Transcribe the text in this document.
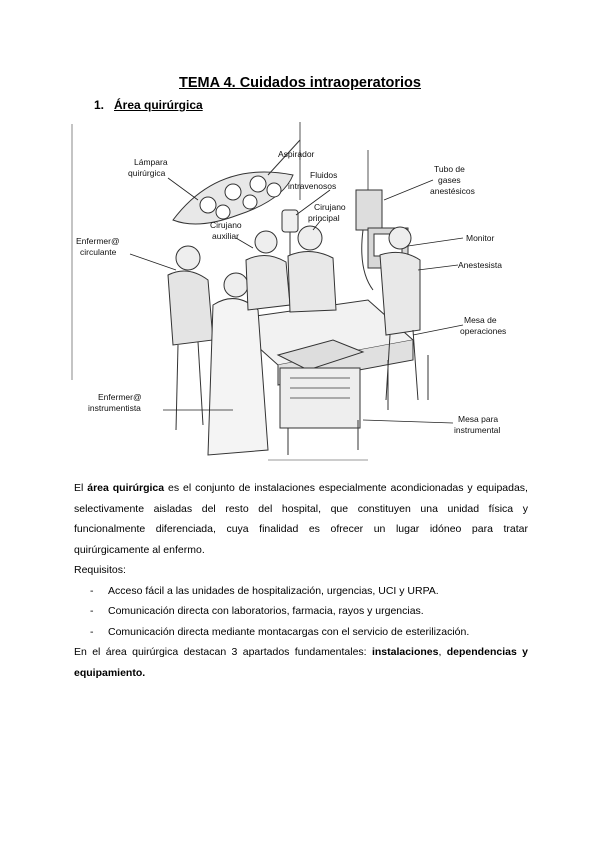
TEMA 4. Cuidados intraoperatorios
1. Área quirúrgica
Lámpara quirúrgica
Aspirador
Fluidos intravenosos
Tubo de gases anestésicos
Cirujano principal
Cirujano auxiliar
Enfermer@ circulante
Monitor
Anestesista
Mesa de operaciones
Enfermer@ instrumentista
Mesa para instrumental
El área quirúrgica es el conjunto de instalaciones especialmente acondicionadas y equipadas, selectivamente aisladas del resto del hospital, que constituyen una unidad física y funcionalmente diferenciada, cuya finalidad es ofrecer un lugar idóneo para tratar quirúrgicamente al enfermo.
Requisitos:
- Acceso fácil a las unidades de hospitalización, urgencias, UCI y URPA.
- Comunicación directa con laboratorios, farmacia, rayos y urgencias.
- Comunicación directa mediante montacargas con el servicio de esterilización.
En el área quirúrgica destacan 3 apartados fundamentales: instalaciones, dependencias y equipamiento.
